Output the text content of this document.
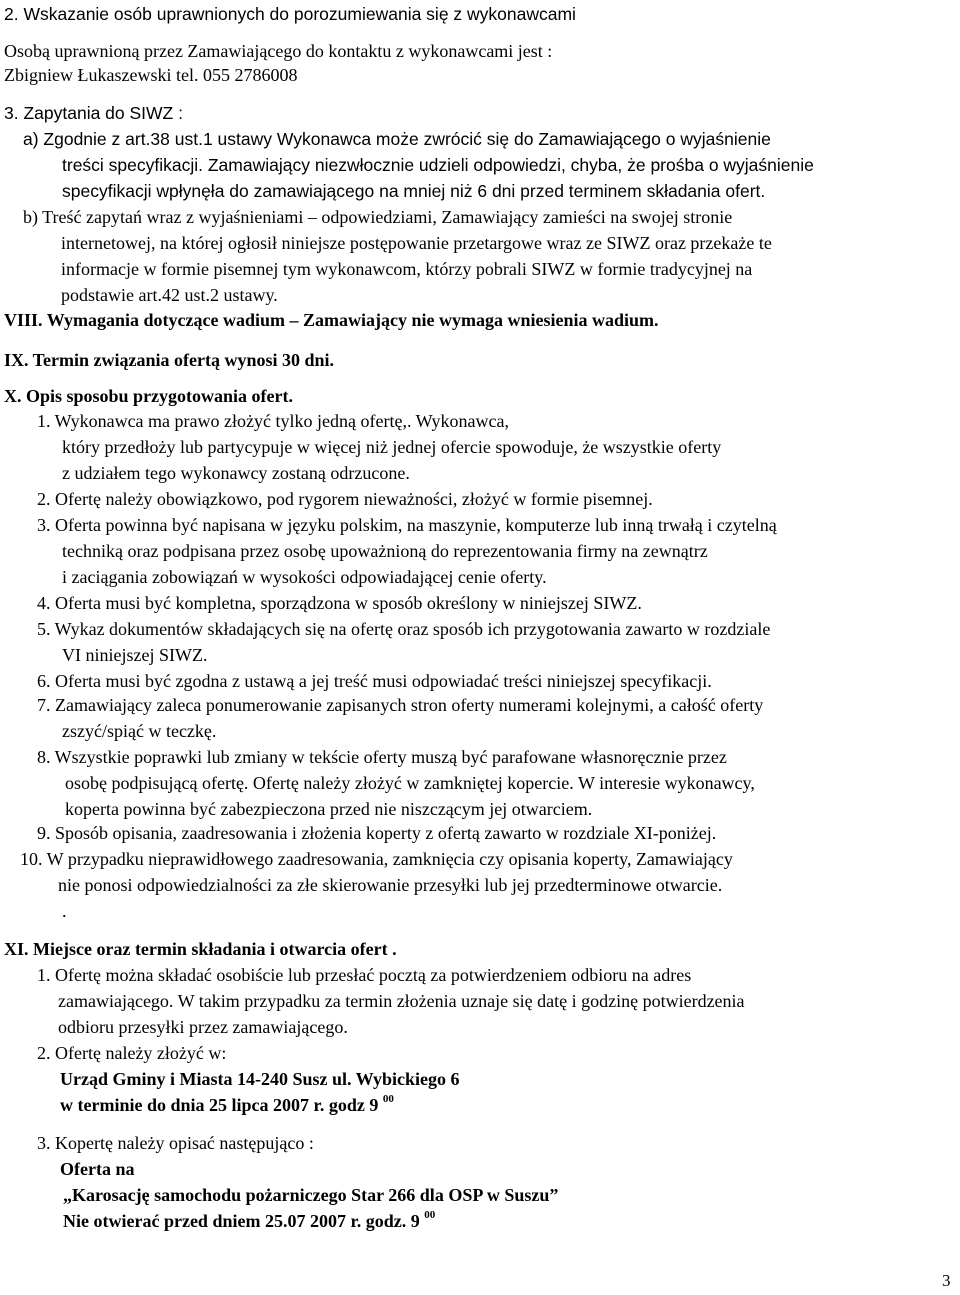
2. Wskazanie osób uprawnionych do porozumiewania się z wykonawcami
Osobą uprawnioną przez Zamawiającego do kontaktu z wykonawcami jest :
Zbigniew Łukaszewski tel. 055 2786008
3. Zapytania do SIWZ :
a) Zgodnie z art.38 ust.1 ustawy Wykonawca może zwrócić się do Zamawiającego o wyjaśnienie
treści specyfikacji. Zamawiający niezwłocznie udzieli odpowiedzi, chyba, że prośba o wyjaśnienie
specyfikacji wpłynęła do zamawiającego na mniej niż 6 dni przed terminem składania ofert.
b) Treść zapytań wraz z wyjaśnieniami – odpowiedziami, Zamawiający zamieści na swojej stronie
internetowej, na której ogłosił niniejsze postępowanie przetargowe wraz ze SIWZ oraz przekaże te
informacje w formie pisemnej tym wykonawcom, którzy pobrali SIWZ w formie tradycyjnej na
podstawie art.42 ust.2 ustawy.
VIII. Wymagania dotyczące wadium – Zamawiający nie wymaga wniesienia wadium.
IX. Termin związania ofertą wynosi 30 dni.
X. Opis sposobu przygotowania ofert.
1. Wykonawca ma prawo złożyć tylko jedną ofertę,. Wykonawca,
który przedłoży lub partycypuje w więcej niż jednej ofercie spowoduje, że wszystkie oferty
z udziałem tego wykonawcy zostaną odrzucone.
2. Ofertę należy obowiązkowo, pod rygorem nieważności, złożyć w formie pisemnej.
3. Oferta powinna być napisana w języku polskim, na maszynie, komputerze lub inną trwałą i czytelną
techniką oraz podpisana przez osobę upoważnioną do reprezentowania firmy na zewnątrz
i zaciągania zobowiązań w wysokości odpowiadającej cenie oferty.
4. Oferta musi być kompletna, sporządzona w sposób określony w niniejszej SIWZ.
5. Wykaz dokumentów składających się na ofertę oraz sposób ich przygotowania zawarto w rozdziale
VI niniejszej SIWZ.
6. Oferta musi być zgodna z ustawą a jej treść musi odpowiadać treści niniejszej specyfikacji.
7. Zamawiający zaleca ponumerowanie zapisanych stron oferty numerami kolejnymi, a całość oferty
zszyć/spiąć w teczkę.
8. Wszystkie poprawki lub zmiany w tekście oferty muszą być parafowane własnoręcznie przez
osobę podpisującą ofertę. Ofertę należy złożyć w zamkniętej kopercie. W interesie wykonawcy,
koperta powinna być zabezpieczona przed nie niszczącym jej otwarciem.
9. Sposób opisania, zaadresowania i złożenia koperty z ofertą zawarto w rozdziale XI-poniżej.
10. W przypadku nieprawidłowego zaadresowania, zamknięcia czy opisania koperty, Zamawiający
nie ponosi odpowiedzialności za złe skierowanie przesyłki lub jej przedterminowe otwarcie.
.
XI. Miejsce oraz termin składania i otwarcia ofert .
1. Ofertę można składać osobiście lub przesłać pocztą za potwierdzeniem odbioru na adres
zamawiającego. W takim przypadku za termin złożenia uznaje się datę i godzinę potwierdzenia
odbioru przesyłki przez zamawiającego.
2. Ofertę należy złożyć w:
Urząd Gminy i Miasta 14-240 Susz ul. Wybickiego 6
w terminie do dnia 25 lipca 2007 r. godz 9 $^{00}$
3. Kopertę należy opisać następująco :
Oferta na
„Karosację samochodu pożarniczego Star 266 dla OSP w Suszu”
Nie otwierać przed dniem 25.07 2007 r. godz. 9 $^{00}$
3
